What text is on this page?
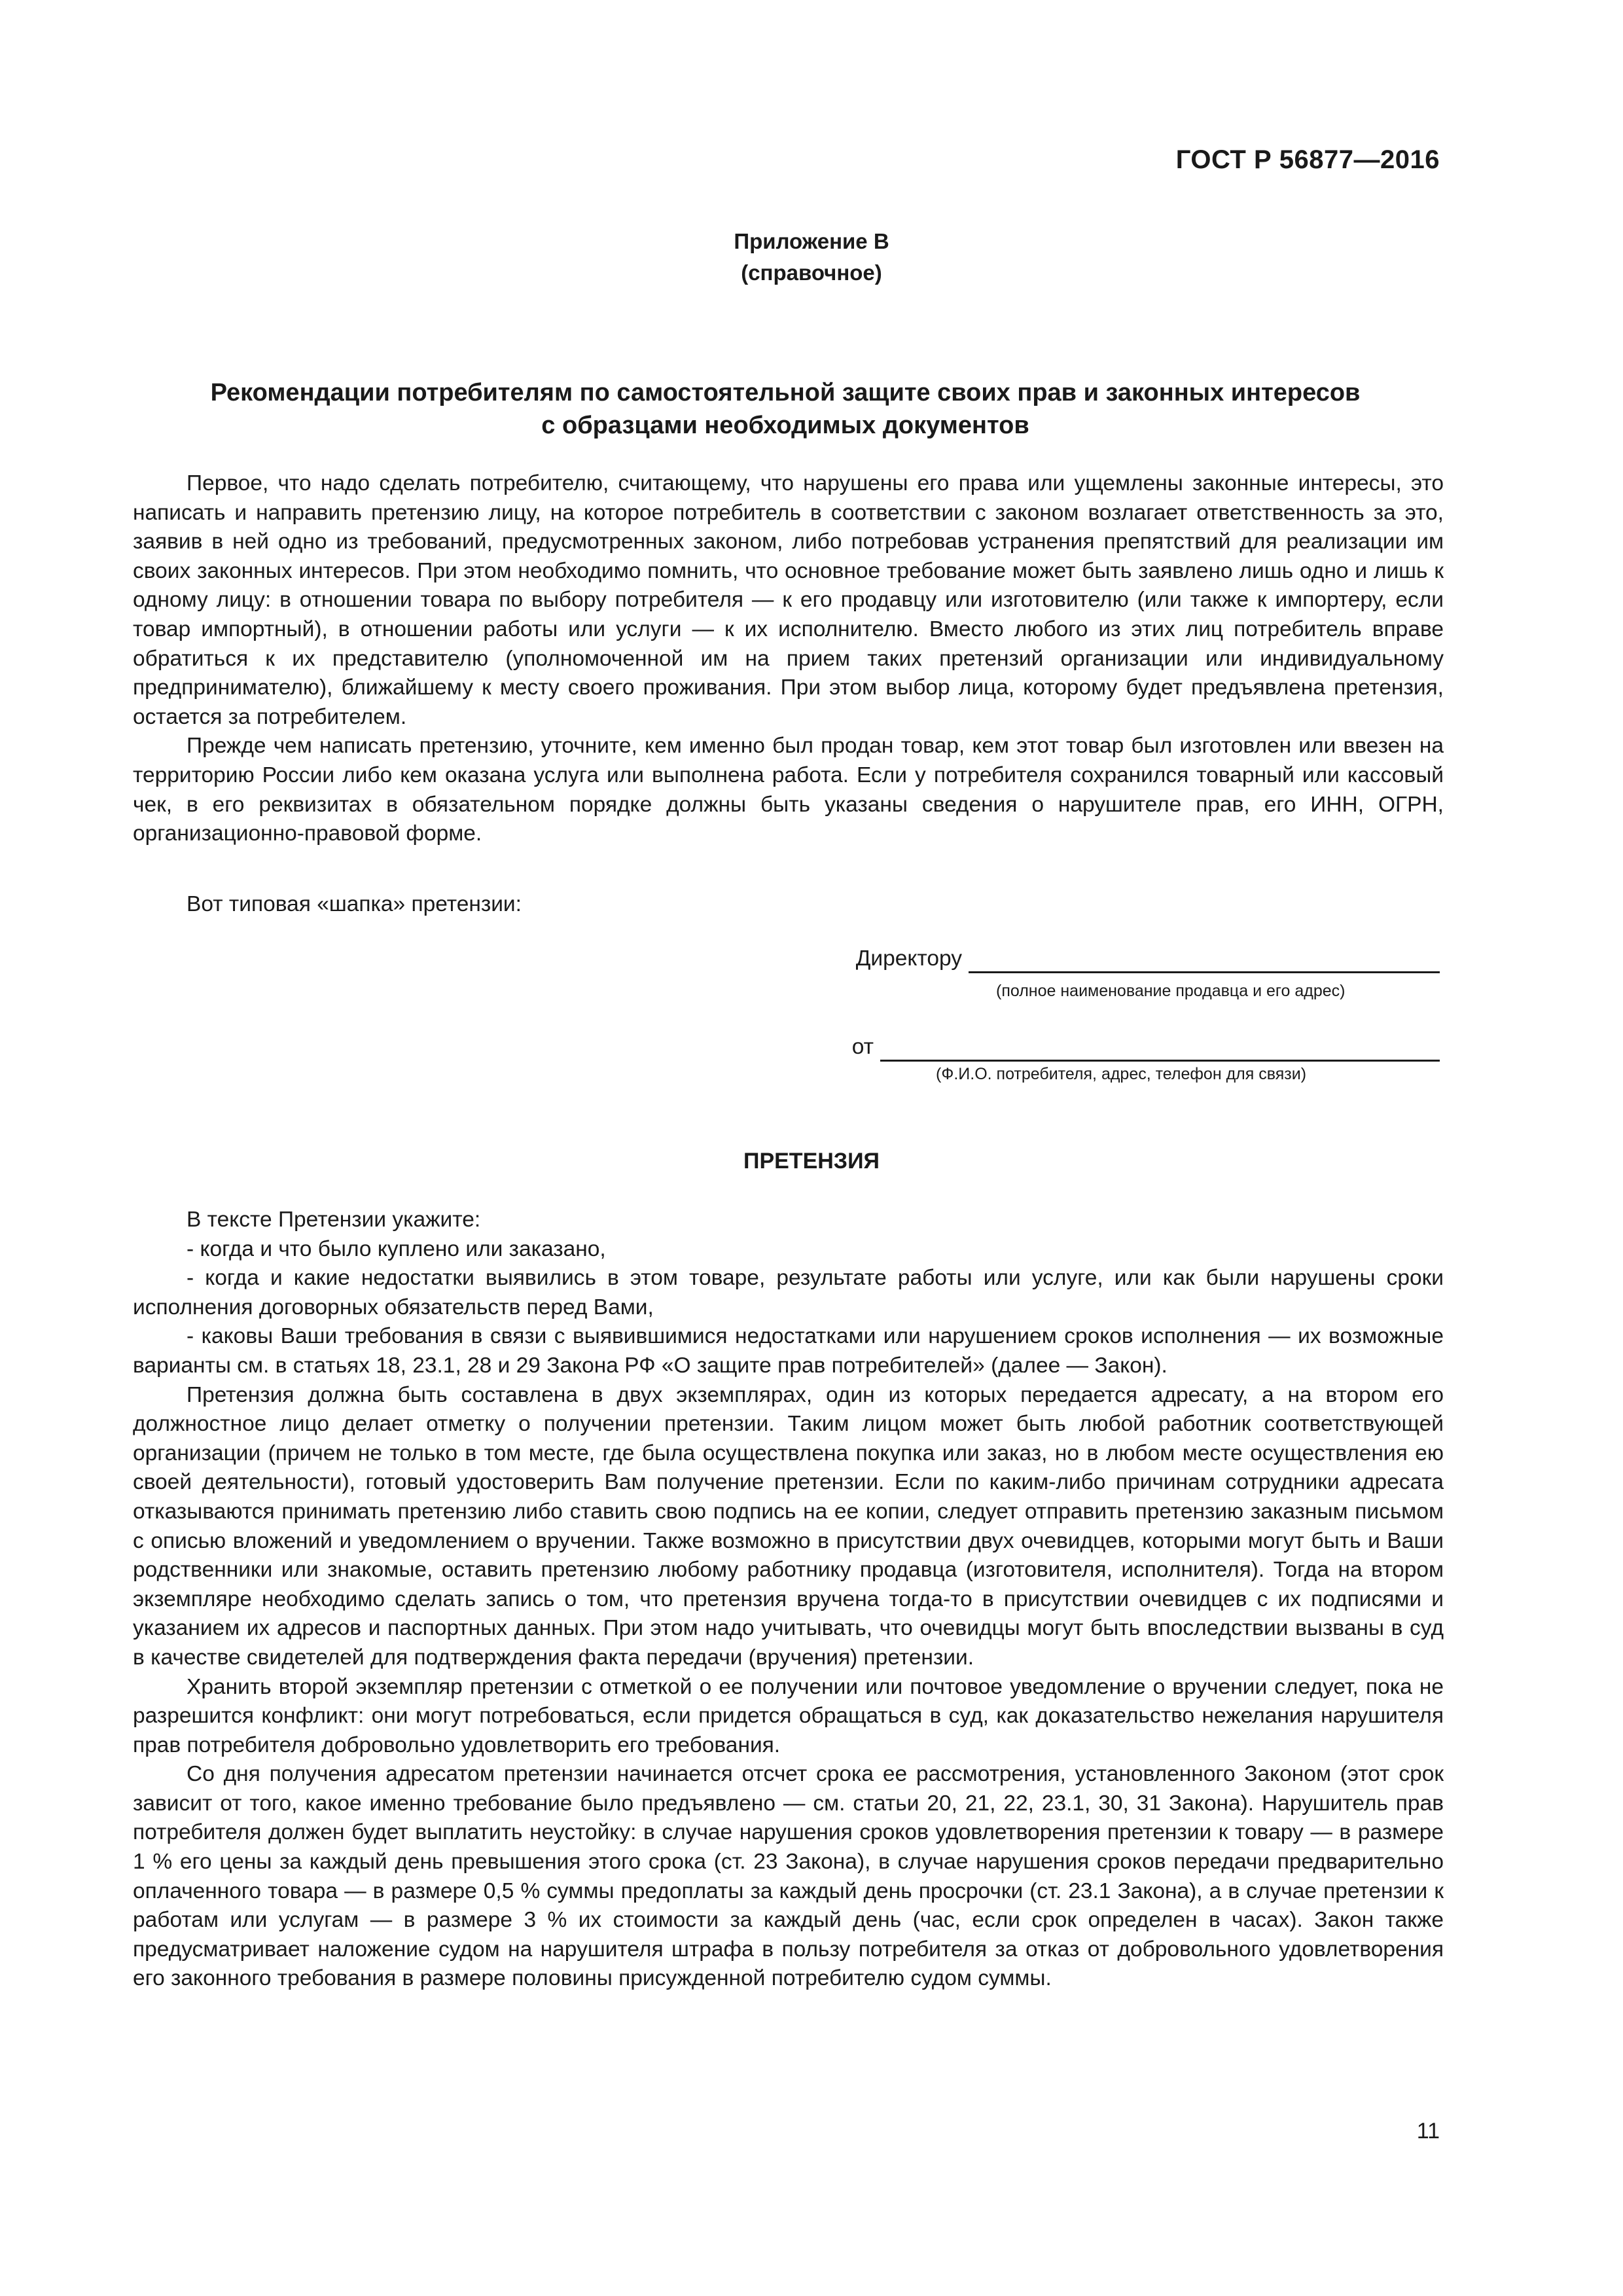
ГОСТ Р 56877—2016
Приложение В
(справочное)
Рекомендации потребителям по самостоятельной защите своих прав и законных интересов
с образцами необходимых документов

Первое, что надо сделать потребителю, считающему, что нарушены его права или ущемлены законные интересы, это написать и направить претензию лицу, на которое потребитель в соответствии с законом возлагает ответственность за это, заявив в ней одно из требований, предусмотренных законом, либо потребовав устранения препятствий для реализации им своих законных интересов. При этом необходимо помнить, что основное требование может быть заявлено лишь одно и лишь к одному лицу: в отношении товара по выбору потребителя — к его продавцу или изготовителю (или также к импортеру, если товар импортный), в отношении работы или услуги — к их исполнителю. Вместо любого из этих лиц потребитель вправе обратиться к их представителю (уполномоченной им на прием таких претензий организации или индивидуальному предпринимателю), ближайшему к месту своего проживания. При этом выбор лица, которому будет предъявлена претензия, остается за потребителем.

Прежде чем написать претензию, уточните, кем именно был продан товар, кем этот товар был изготовлен или ввезен на территорию России либо кем оказана услуга или выполнена работа. Если у потребителя сохранился товарный или кассовый чек, в его реквизитах в обязательном порядке должны быть указаны сведения о нарушителе прав, его ИНН, ОГРН, организационно-правовой форме.

Вот типовая «шапка» претензии:
Директору
(полное наименование продавца и его адрес)
от
(Ф.И.О. потребителя, адрес, телефон для связи)
ПРЕТЕНЗИЯ

В тексте Претензии укажите:

- когда и что было куплено или заказано,

- когда и какие недостатки выявились в этом товаре, результате работы или услуге, или как были нарушены сроки исполнения договорных обязательств перед Вами,

- каковы Ваши требования в связи с выявившимися недостатками или нарушением сроков исполнения — их возможные варианты см. в статьях 18, 23.1, 28 и 29 Закона РФ «О защите прав потребителей» (далее — Закон).

Претензия должна быть составлена в двух экземплярах, один из которых передается адресату, а на втором его должностное лицо делает отметку о получении претензии. Таким лицом может быть любой работник соответствующей организации (причем не только в том месте, где была осуществлена покупка или заказ, но в любом месте осуществления ею своей деятельности), готовый удостоверить Вам получение претензии. Если по каким-либо причинам сотрудники адресата отказываются принимать претензию либо ставить свою подпись на ее копии, следует отправить претензию заказным письмом с описью вложений и уведомлением о вручении. Также возможно в присутствии двух очевидцев, которыми могут быть и Ваши родственники или знакомые, оставить претензию любому работнику продавца (изготовителя, исполнителя). Тогда на втором экземпляре необходимо сделать запись о том, что претензия вручена тогда-то в присутствии очевидцев с их подписями и указанием их адресов и паспортных данных. При этом надо учитывать, что очевидцы могут быть впоследствии вызваны в суд в качестве свидетелей для подтверждения факта передачи (вручения) претензии.

Хранить второй экземпляр претензии с отметкой о ее получении или почтовое уведомление о вручении следует, пока не разрешится конфликт: они могут потребоваться, если придется обращаться в суд, как доказательство нежелания нарушителя прав потребителя добровольно удовлетворить его требования.

Со дня получения адресатом претензии начинается отсчет срока ее рассмотрения, установленного Законом (этот срок зависит от того, какое именно требование было предъявлено — см. статьи 20, 21, 22, 23.1, 30, 31 Закона). Нарушитель прав потребителя должен будет выплатить неустойку: в случае нарушения сроков удовлетворения претензии к товару — в размере 1 % его цены за каждый день превышения этого срока (ст. 23 Закона), в случае нарушения сроков передачи предварительно оплаченного товара — в размере 0,5 % суммы предоплаты за каждый день просрочки (ст. 23.1 Закона), а в случае претензии к работам или услугам — в размере 3 % их стоимости за каждый день (час, если срок определен в часах). Закон также предусматривает наложение судом на нарушителя штрафа в пользу потребителя за отказ от добровольного удовлетворения его законного требования в размере половины присужденной потребителю судом суммы.

11
